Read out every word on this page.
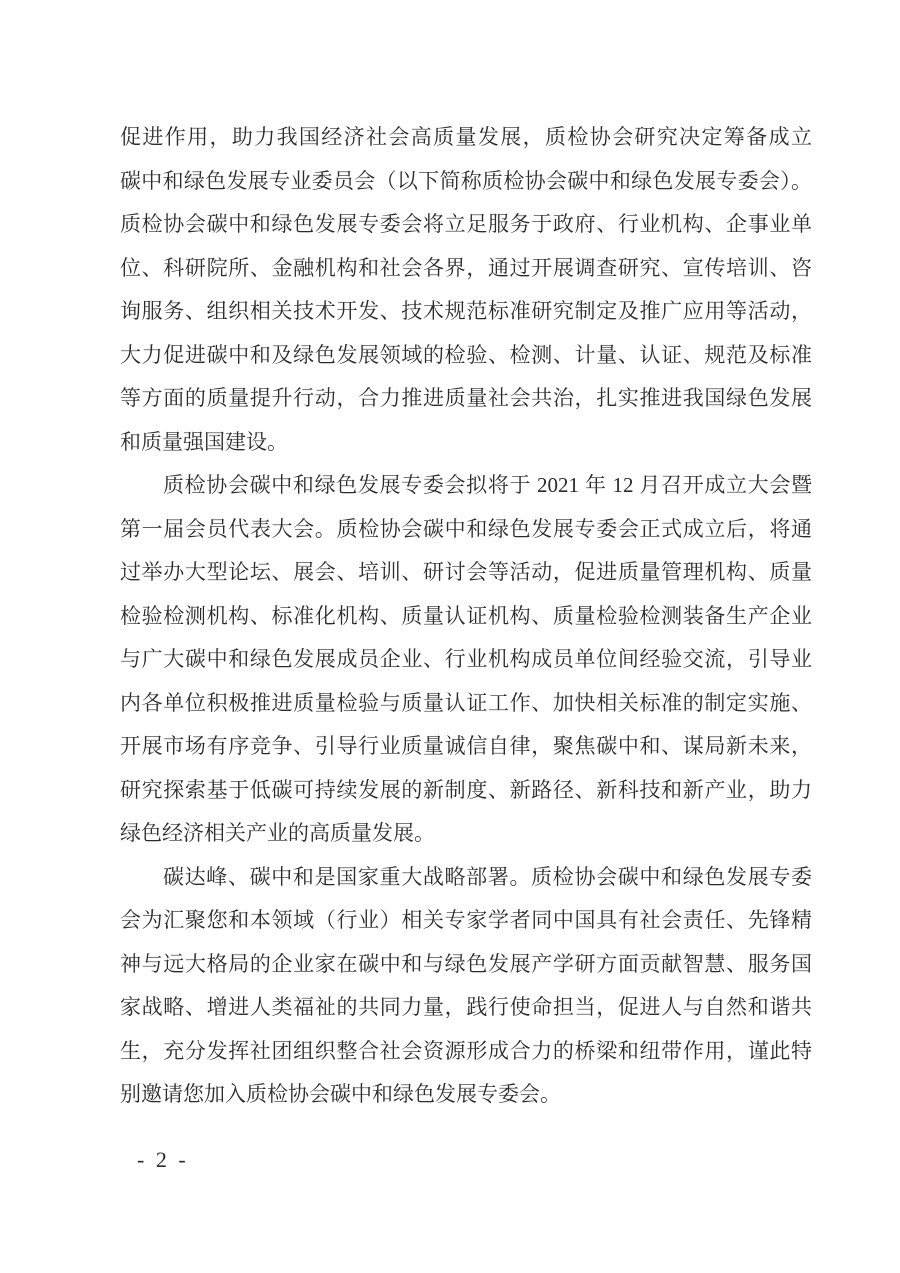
促进作用，助力我国经济社会高质量发展，质检协会研究决定筹备成立
碳中和绿色发展专业委员会（以下简称质检协会碳中和绿色发展专委会）。
质检协会碳中和绿色发展专委会将立足服务于政府、行业机构、企事业单
位、科研院所、金融机构和社会各界，通过开展调查研究、宣传培训、咨
询服务、组织相关技术开发、技术规范标准研究制定及推广应用等活动，
大力促进碳中和及绿色发展领域的检验、检测、计量、认证、规范及标准
等方面的质量提升行动，合力推进质量社会共治，扎实推进我国绿色发展
和质量强国建设。
质检协会碳中和绿色发展专委会拟将于 2021 年 12 月召开成立大会暨
第一届会员代表大会。质检协会碳中和绿色发展专委会正式成立后，将通
过举办大型论坛、展会、培训、研讨会等活动，促进质量管理机构、质量
检验检测机构、标准化机构、质量认证机构、质量检验检测装备生产企业
与广大碳中和绿色发展成员企业、行业机构成员单位间经验交流，引导业
内各单位积极推进质量检验与质量认证工作、加快相关标准的制定实施、
开展市场有序竞争、引导行业质量诚信自律，聚焦碳中和、谋局新未来，
研究探索基于低碳可持续发展的新制度、新路径、新科技和新产业，助力
绿色经济相关产业的高质量发展。
碳达峰、碳中和是国家重大战略部署。质检协会碳中和绿色发展专委
会为汇聚您和本领域（行业）相关专家学者同中国具有社会责任、先锋精
神与远大格局的企业家在碳中和与绿色发展产学研方面贡献智慧、服务国
家战略、增进人类福祉的共同力量，践行使命担当，促进人与自然和谐共
生，充分发挥社团组织整合社会资源形成合力的桥梁和纽带作用，谨此特
别邀请您加入质检协会碳中和绿色发展专委会。
- 2 -
